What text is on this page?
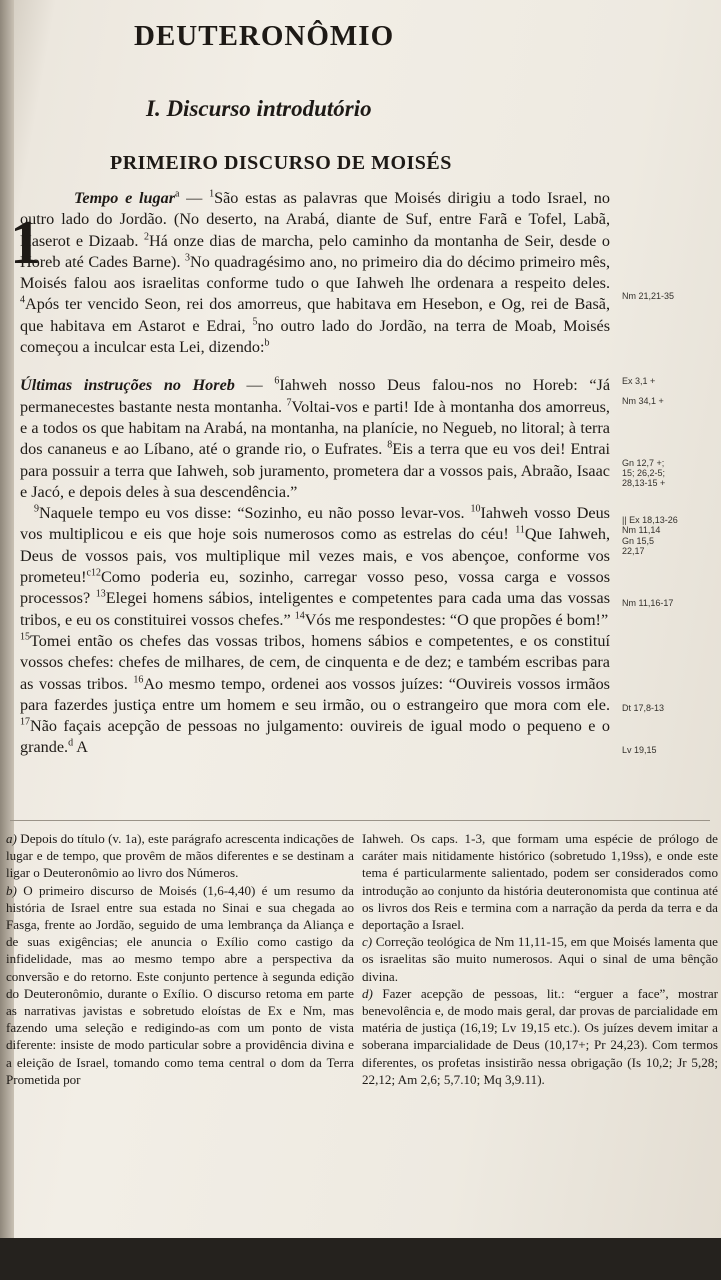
DEUTERONÔMIO
I. Discurso introdutório
PRIMEIRO DISCURSO DE MOISÉS
1

Tempo e lugar$^a$ — $^1$São estas as palavras que Moisés dirigiu a todo Israel, no outro lado do Jordão. (No deserto, na Arabá, diante de Suf, entre Farã e Tofel, Labã, Haserot e Dizaab. $^2$Há onze dias de marcha, pelo caminho da montanha de Seir, desde o Horeb até Cades Barne). $^3$No quadragésimo ano, no primeiro dia do décimo primeiro mês, Moisés falou aos israelitas conforme tudo o que Iahweh lhe ordenara a respeito deles. $^4$Após ter vencido Seon, rei dos amorreus, que habitava em Hesebon, e Og, rei de Basã, que habitava em Astarot e Edrai, $^5$no outro lado do Jordão, na terra de Moab, Moisés começou a inculcar esta Lei, dizendo:$^b$

Últimas instruções no Horeb — $^6$Iahweh nosso Deus falou-nos no Horeb: “Já permanecestes bastante nesta montanha. $^7$Voltai-vos e parti! Ide à montanha dos amorreus, e a todos os que habitam na Arabá, na montanha, na planície, no Negueb, no litoral; à terra dos cananeus e ao Líbano, até o grande rio, o Eufrates. $^8$Eis a terra que eu vos dei! Entrai para possuir a terra que Iahweh, sob juramento, prometera dar a vossos pais, Abraão, Isaac e Jacó, e depois deles à sua descendência.”

$^9$Naquele tempo eu vos disse: “Sozinho, eu não posso levar-vos. $^{10}$Iahweh vosso Deus vos multiplicou e eis que hoje sois numerosos como as estrelas do céu! $^{11}$Que Iahweh, Deus de vossos pais, vos multiplique mil vezes mais, e vos abençoe, conforme vos prometeu!$^{c12}$Como poderia eu, sozinho, carregar vosso peso, vossa carga e vossos processos? $^{13}$Elegei homens sábios, inteligentes e competentes para cada uma das vossas tribos, e eu os constituirei vossos chefes.” $^{14}$Vós me respondestes: “O que propões é bom!”

$^{15}$Tomei então os chefes das vossas tribos, homens sábios e competentes, e os constituí vossos chefes: chefes de milhares, de cem, de cinquenta e de dez; e também escribas para as vossas tribos. $^{16}$Ao mesmo tempo, ordenei aos vossos juízes: “Ouvireis vossos irmãos para fazerdes justiça entre um homem e seu irmão, ou o estrangeiro que mora com ele. $^{17}$Não façais acepção de pessoas no julgamento: ouvireis de igual modo o pequeno e o grande.$^d$ A

Nm 21,21-35
Ex 3,1 +
Nm 34,1 +
Gn 12,7 +;
15; 26,2-5;
28,13-15 +
|| Ex 18,13-26
Nm 11,14
Gn 15,5
22,17
Nm 11,16-17
Dt 17,8-13
Lv 19,15

a) Depois do título (v. 1a), este parágrafo acrescenta indicações de lugar e de tempo, que provêm de mãos diferentes e se destinam a ligar o Deuteronômio ao livro dos Números.

b) O primeiro discurso de Moisés (1,6-4,40) é um resumo da história de Israel entre sua estada no Sinai e sua chegada ao Fasga, frente ao Jordão, seguido de uma lembrança da Aliança e de suas exigências; ele anuncia o Exílio como castigo da infidelidade, mas ao mesmo tempo abre a perspectiva da conversão e do retorno. Este conjunto pertence à segunda edição do Deuteronômio, durante o Exílio. O discurso retoma em parte as narrativas javistas e sobretudo eloístas de Ex e Nm, mas fazendo uma seleção e redigindo-as com um ponto de vista diferente: insiste de modo particular sobre a providência divina e a eleição de Israel, tomando como tema central o dom da Terra Prometida por

Iahweh. Os caps. 1-3, que formam uma espécie de prólogo de caráter mais nitidamente histórico (sobretudo 1,19ss), e onde este tema é particularmente salientado, podem ser considerados como introdução ao conjunto da história deuteronomista que continua até os livros dos Reis e termina com a narração da perda da terra e da deportação a Israel.

c) Correção teológica de Nm 11,11-15, em que Moisés lamenta que os israelitas são muito numerosos. Aqui o sinal de uma bênção divina.

d) Fazer acepção de pessoas, lit.: “erguer a face”, mostrar benevolência e, de modo mais geral, dar provas de parcialidade em matéria de justiça (16,19; Lv 19,15 etc.). Os juízes devem imitar a soberana imparcialidade de Deus (10,17+; Pr 24,23). Com termos diferentes, os profetas insistirão nessa obrigação (Is 10,2; Jr 5,28; 22,12; Am 2,6; 5,7.10; Mq 3,9.11).
